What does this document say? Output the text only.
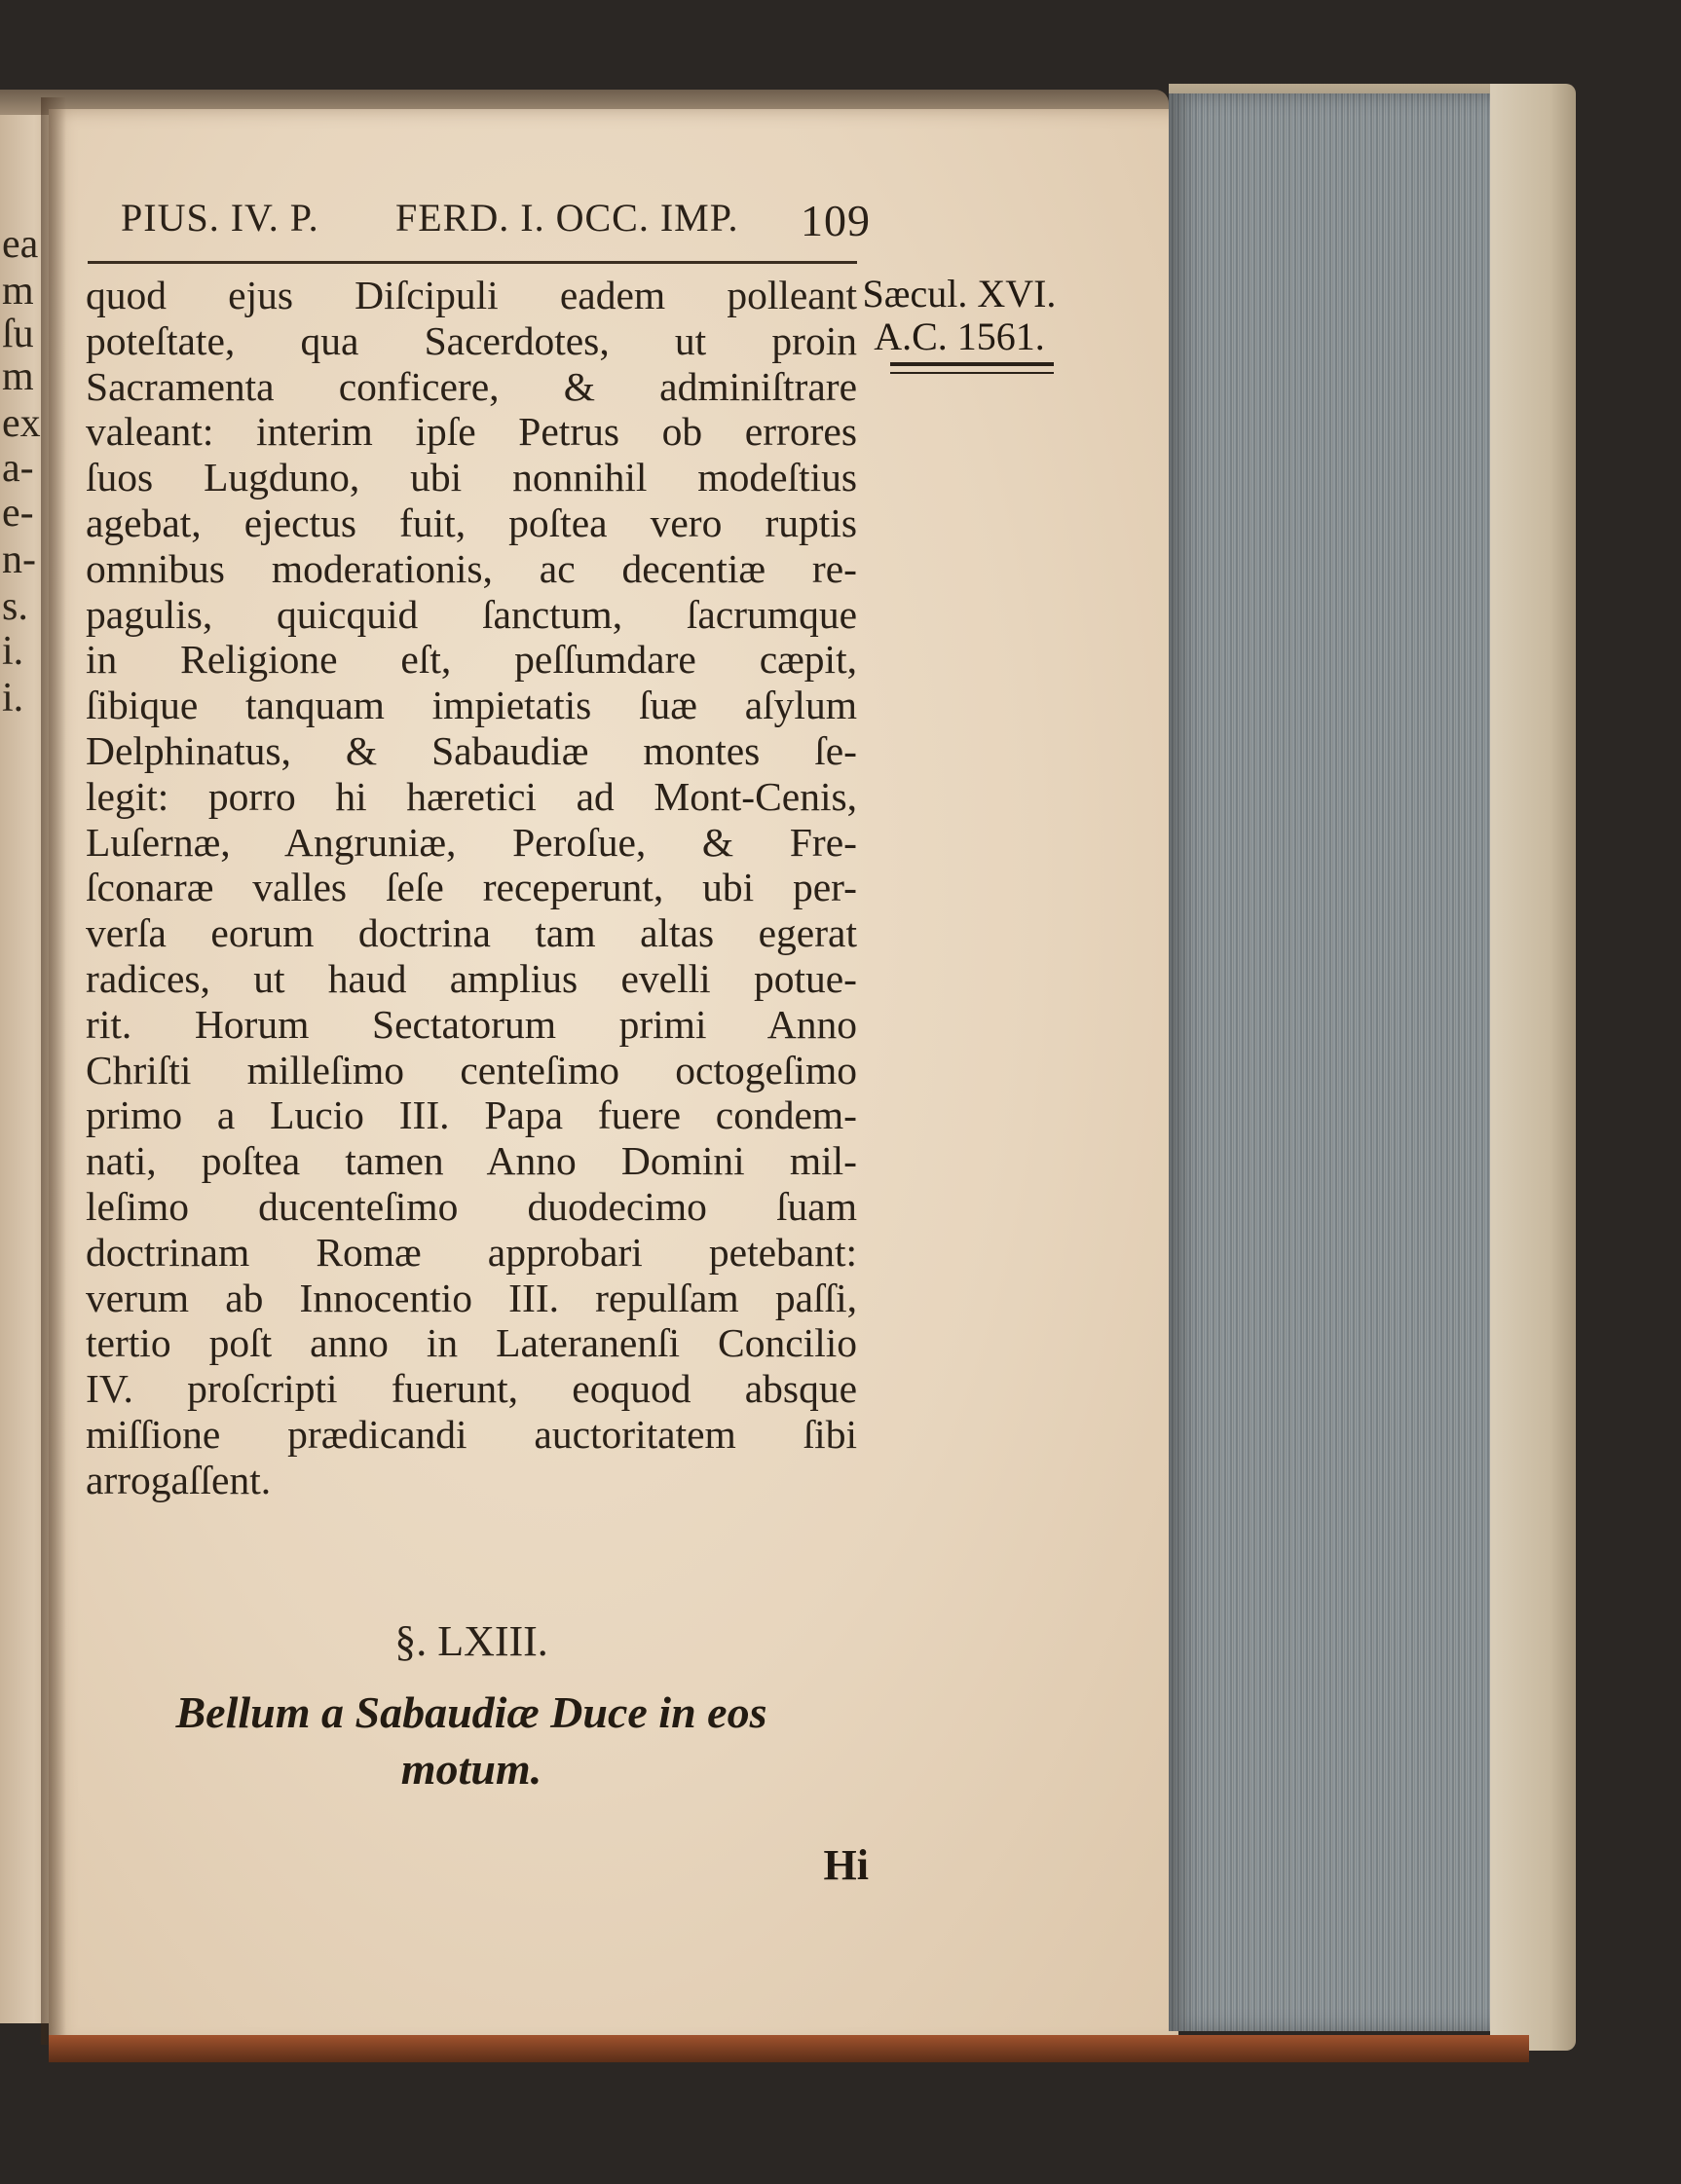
ea
m
ſu
m
ex
a-
e-
n-
s.
i.
i.
PIUS. IV. P. FERD. I. OCC. IMP. 109
Sæcul. XVI.
A.C. 1561.
quod ejus Diſcipuli eadem polleant
poteſtate, qua Sacerdotes, ut proin
Sacramenta conficere, & adminiſtrare
valeant: interim ipſe Petrus ob errores
ſuos Lugduno, ubi nonnihil modeſtius
agebat, ejectus fuit, poſtea vero ruptis
omnibus moderationis, ac decentiæ re-
pagulis, quicquid ſanctum, ſacrumque
in Religione eſt, peſſumdare cæpit,
ſibique tanquam impietatis ſuæ aſylum
Delphinatus, & Sabaudiæ montes ſe-
legit: porro hi hæretici ad Mont-Cenis,
Luſernæ, Angruniæ, Peroſue, & Fre-
ſconaræ valles ſeſe receperunt, ubi per-
verſa eorum doctrina tam altas egerat
radices, ut haud amplius evelli potue-
rit. Horum Sectatorum primi Anno
Chriſti milleſimo centeſimo octogeſimo
primo a Lucio III. Papa fuere condem-
nati, poſtea tamen Anno Domini mil-
leſimo ducenteſimo duodecimo ſuam
doctrinam Romæ approbari petebant:
verum ab Innocentio III. repulſam paſſi,
tertio poſt anno in Lateranenſi Concilio
IV. proſcripti fuerunt, eoquod absque
miſſione prædicandi auctoritatem ſibi
arrogaſſent.
§. LXIII.
Bellum a Sabaudiæ Duce in eos
motum.
Hi
